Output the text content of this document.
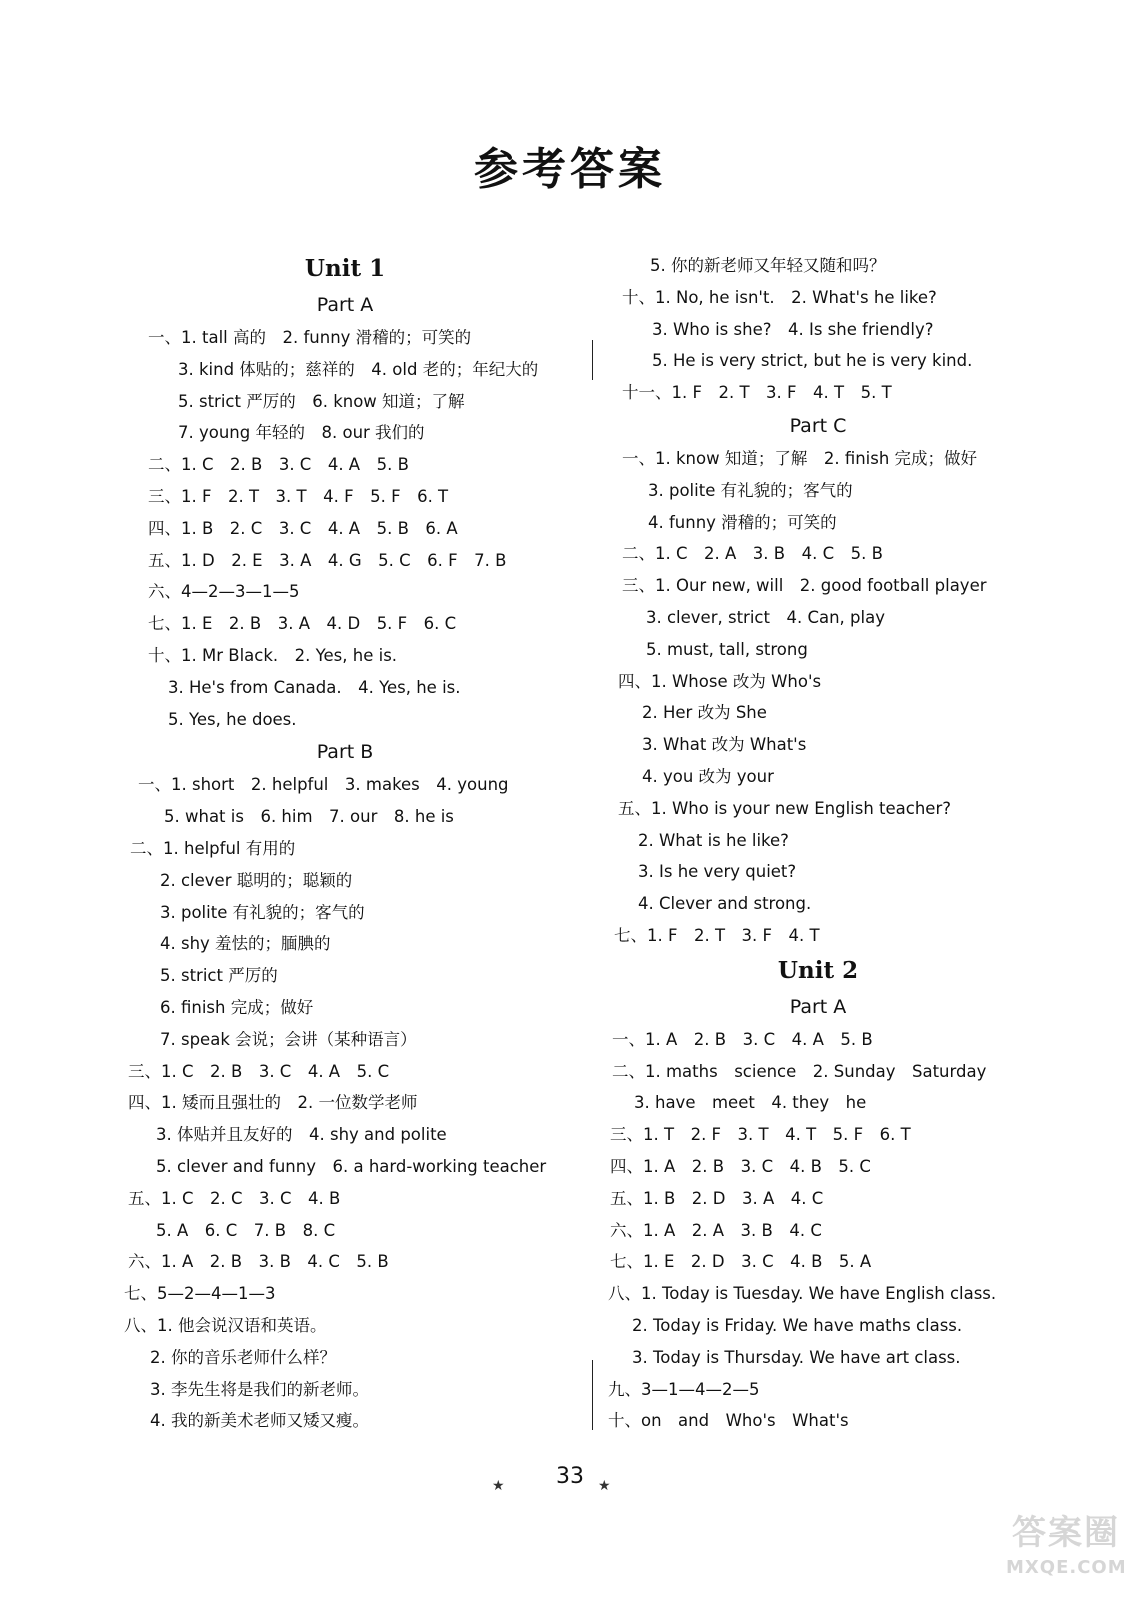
参考答案
Unit 1
Part A
一、1. tall 高的　2. funny 滑稽的；可笑的
3. kind 体贴的；慈祥的　4. old 老的；年纪大的
5. strict 严厉的　6. know 知道；了解
7. young 年轻的　8. our 我们的
二、1. C　2. B　3. C　4. A　5. B
三、1. F　2. T　3. T　4. F　5. F　6. T
四、1. B　2. C　3. C　4. A　5. B　6. A
五、1. D　2. E　3. A　4. G　5. C　6. F　7. B
六、4—2—3—1—5
七、1. E　2. B　3. A　4. D　5. F　6. C
十、1. Mr Black.　2. Yes, he is.
3. He's from Canada.　4. Yes, he is.
5. Yes, he does.
Part B
一、1. short　2. helpful　3. makes　4. young
5. what is　6. him　7. our　8. he is
二、1. helpful 有用的
2. clever 聪明的；聪颖的
3. polite 有礼貌的；客气的
4. shy 羞怯的；腼腆的
5. strict 严厉的
6. finish 完成；做好
7. speak 会说；会讲（某种语言）
三、1. C　2. B　3. C　4. A　5. C
四、1. 矮而且强壮的　2. 一位数学老师
3. 体贴并且友好的　4. shy and polite
5. clever and funny　6. a hard-working teacher
五、1. C　2. C　3. C　4. B
5. A　6. C　7. B　8. C
六、1. A　2. B　3. B　4. C　5. B
七、5—2—4—1—3
八、1. 他会说汉语和英语。
2. 你的音乐老师什么样？
3. 李先生将是我们的新老师。
4. 我的新美术老师又矮又瘦。
5. 你的新老师又年轻又随和吗？
十、1. No, he isn't.　2. What's he like?
3. Who is she?　4. Is she friendly?
5. He is very strict, but he is very kind.
十一、1. F　2. T　3. F　4. T　5. T
Part C
一、1. know 知道；了解　2. finish 完成；做好
3. polite 有礼貌的；客气的
4. funny 滑稽的；可笑的
二、1. C　2. A　3. B　4. C　5. B
三、1. Our new, will　2. good football player
3. clever, strict　4. Can, play
5. must, tall, strong
四、1. Whose 改为 Who's
2. Her 改为 She
3. What 改为 What's
4. you 改为 your
五、1. Who is your new English teacher?
2. What is he like?
3. Is he very quiet?
4. Clever and strong.
七、1. F　2. T　3. F　4. T
Unit 2
Part A
一、1. A　2. B　3. C　4. A　5. B
二、1. maths　science　2. Sunday　Saturday
3. have　meet　4. they　he
三、1. T　2. F　3. T　4. T　5. F　6. T
四、1. A　2. B　3. C　4. B　5. C
五、1. B　2. D　3. A　4. C
六、1. A　2. A　3. B　4. C
七、1. E　2. D　3. C　4. B　5. A
八、1. Today is Tuesday. We have English class.
2. Today is Friday. We have maths class.
3. Today is Thursday. We have art class.
九、3—1—4—2—5
十、on　and　Who's　What's
★	33	★
答案圈
MXQE.COM
